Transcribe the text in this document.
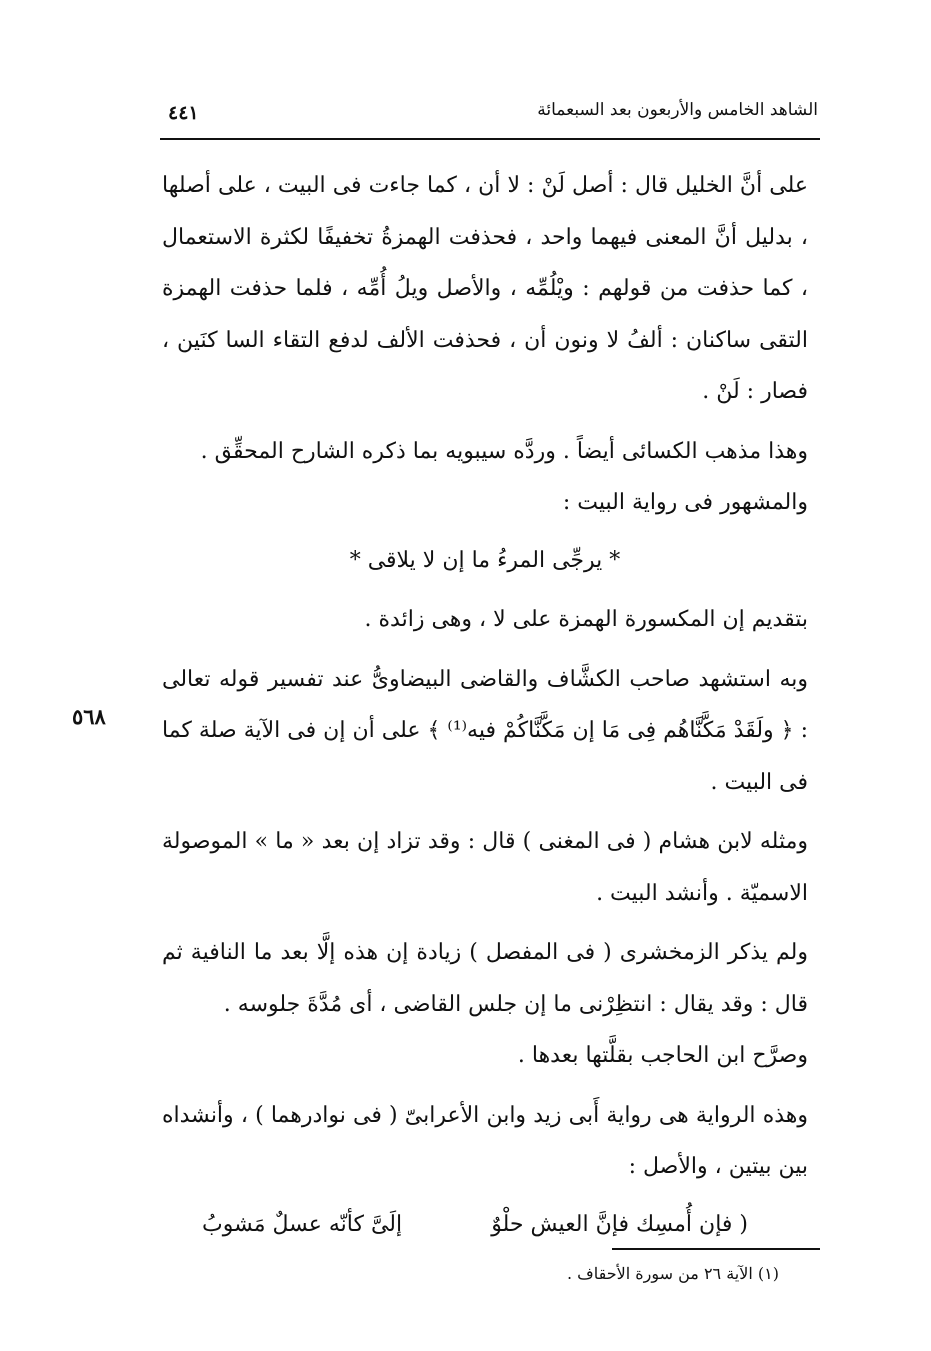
الشاهد الخامس والأربعون بعد السبعمائة
٤٤١

على أنَّ الخليل قال : أصل لَنْ : لا أن ، كما جاءت فى البيت ، على أصلها ، بدليل أنَّ المعنى فيهما واحد ، فحذفت الهمزةُ تخفيفًا لكثرة الاستعمال ، كما حذفت من قولهم : ويْلُمِّه ، والأصل ويلُ أُمِّه ، فلما حذفت الهمزة التقى ساكنان : ألفُ لا ونون أن ، فحذفت الألف لدفع التقاء السا كنَين ، فصار : لَنْ .

وهذا مذهب الكسائى أيضاً . وردَّه سيبويه بما ذكره الشارح المحقِّق .

والمشهور فى رواية البيت :

* يرجِّى المرءُ ما إن لا يلاقى *

بتقديم إن المكسورة الهمزة على لا ، وهى زائدة .

وبه استشهد صاحب الكشَّاف والقاضى البيضاوىُّ عند تفسير قوله تعالى : ﴿ ولَقَدْ مَكَّنَّاهُم فِى مَا إن مَكَّنَّاكُمْ فيه⁽¹⁾ ﴾ على أن إن فى الآية صلة كما فى البيت .

ومثله لابن هشام ( فى المغنى ) قال : وقد تزاد إن بعد « ما » الموصولة الاسميّة . وأنشد البيت .

ولم يذكر الزمخشرى ( فى المفصل ) زيادة إن هذه إلَّا بعد ما النافية ثم قال : وقد يقال : انتظِرْنى ما إن جلس القاضى ، أى مُدَّةَ جلوسه .

وصرَّح ابن الحاجب بقلَّتها بعدها .

وهذه الرواية هى رواية أَبى زيد وابن الأعرابىّ ( فى نوادرهما ) ، وأنشداه بين بيتين ، والأصل :

( فإن أُمسِك فإنَّ العيش حلْوٌ
إلَىَّ كأنّه عسلٌ مَشوبُ

٥٦٨
(١) الآية ٢٦ من سورة الأحقاف .
